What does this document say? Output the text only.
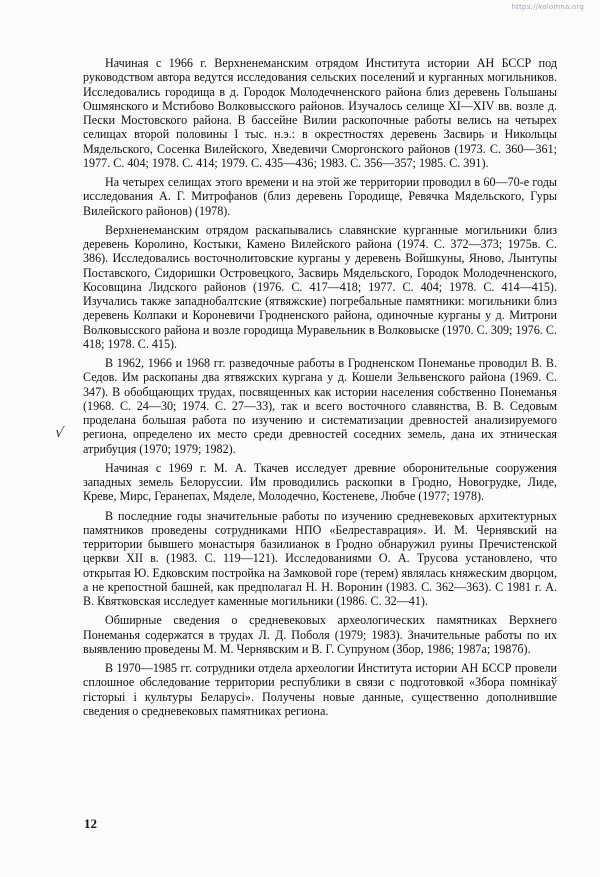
https://kolomna.org
√

Начиная с 1966 г. Верхненеманским отрядом Института истории АН БССР под руководством автора ведутся исследования сельских поселений и курганных могильников. Исследовались городища в д. Городок Молодечненского района близ деревень Гольшаны Ошмянского и Мстибово Волковысского районов. Изучалось селище XI—XIV вв. возле д. Пески Мостовского района. В бассейне Вилии раскопочные работы велись на четырех селищах второй половины I тыс. н.э.: в окрестностях деревень Засвирь и Никольцы Мядельского, Сосенка Вилейского, Хведевичи Сморгонского районов (1973. С. 360—361; 1977. С. 404; 1978. С. 414; 1979. С. 435—436; 1983. С. 356—357; 1985. С. 391).

На четырех селищах этого времени и на этой же территории проводил в 60—70-е годы исследования А. Г. Митрофанов (близ деревень Городище, Ревячка Мядельского, Гуры Вилейского районов) (1978).

Верхненеманским отрядом раскапывались славянские курганные могильники близ деревень Королино, Костыки, Камено Вилейского района (1974. С. 372—373; 1975в. С. 386). Исследовались восточнолитовские курганы у деревень Войшкуны, Яново, Лынтупы Поставского, Сидоришки Островецкого, Засвирь Мядельского, Городок Молодечненского, Косовщина Лидского районов (1976. С. 417—418; 1977. С. 404; 1978. С. 414—415). Изучались также западнобалтские (ятвяжские) погребальные памятники: могильники близ деревень Колпаки и Короневичи Гродненского района, одиночные курганы у д. Митрони Волковысского района и возле городища Муравельник в Волковыске (1970. С. 309; 1976. С. 418; 1978. С. 415).

В 1962, 1966 и 1968 гг. разведочные работы в Гродненском Понеманье проводил В. В. Седов. Им раскопаны два ятвяжских кургана у д. Кошели Зельвенского района (1969. С. 347). В обобщающих трудах, посвященных как истории населения собственно Понеманья (1968. С. 24—30; 1974. С. 27—33), так и всего восточного славянства, В. В. Седовым проделана большая работа по изучению и систематизации древностей анализируемого региона, определено их место среди древностей соседних земель, дана их этническая атрибуция (1970; 1979; 1982).

Начиная с 1969 г. М. А. Ткачев исследует древние оборонительные сооружения западных земель Белоруссии. Им проводились раскопки в Гродно, Новогрудке, Лиде, Креве, Мирс, Геранепах, Мяделе, Молодечно, Костеневе, Любче (1977; 1978).

В последние годы значительные работы по изучению средневековых архитектурных памятников проведены сотрудниками НПО «Белреставрация». И. М. Чернявский на территории бывшего монастыря базилианок в Гродно обнаружил руины Пречистенской церкви XII в. (1983. С. 119—121). Исследованиями О. А. Трусова установлено, что открытая Ю. Едковским постройка на Замковой горе (терем) являлась княжеским дворцом, а не крепостной башней, как предполагал Н. Н. Воронин (1983. С. 362—363). С 1981 г. А. В. Квятковская исследует каменные могильники (1986. С. 32—41).

Обширные сведения о средневековых археологических памятниках Верхнего Понеманья содержатся в трудах Л. Д. Поболя (1979; 1983). Значительные работы по их выявлению проведены М. М. Чернявским и В. Г. Супруном (Збор, 1986; 1987а; 1987б).

В 1970—1985 гг. сотрудники отдела археологии Института истории АН БССР провели сплошное обследование территории республики в связи с подготовкой «Збора помнікаў гісторыі і культуры Беларусі». Получены новые данные, существенно дополнившие сведения о средневековых памятниках региона.

12
